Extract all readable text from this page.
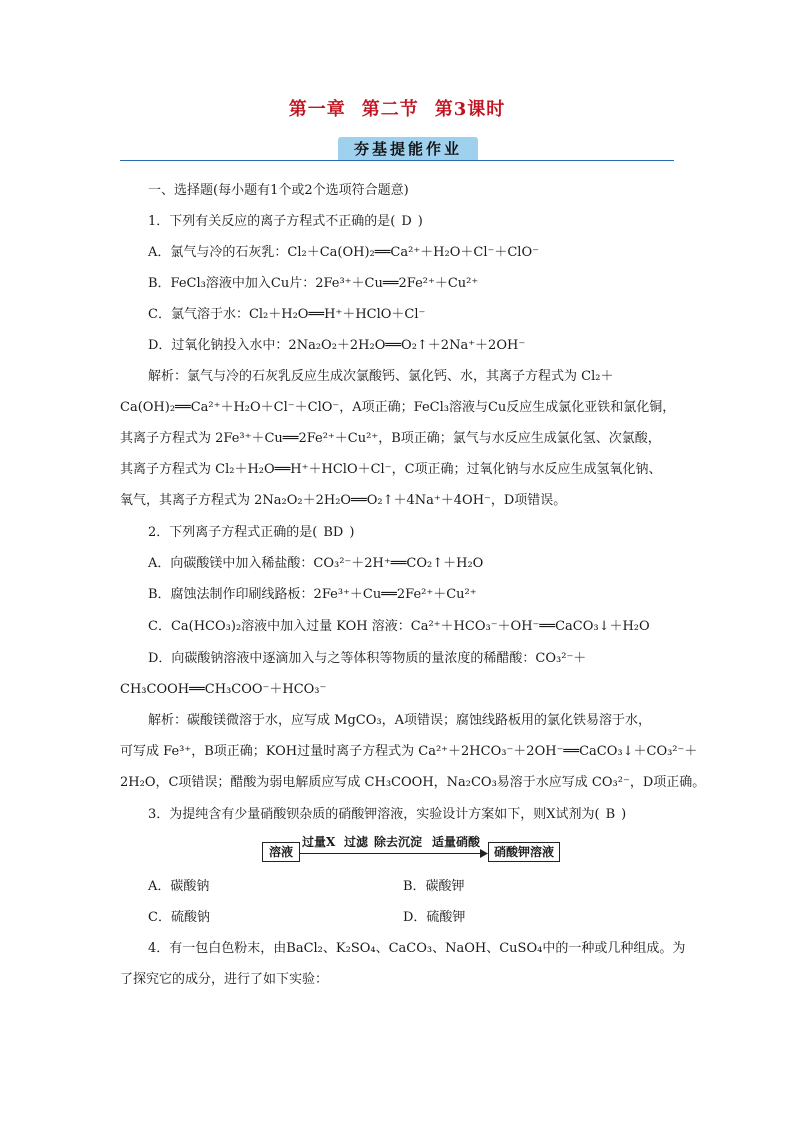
第一章 第二节 第3课时
夯基提能作业
一、选择题(每小题有1个或2个选项符合题意)
1．下列有关反应的离子方程式不正确的是( D )
A．氯气与冷的石灰乳：Cl₂＋Ca(OH)₂══Ca²⁺＋H₂O＋Cl⁻＋ClO⁻
B．FeCl₃溶液中加入Cu片：2Fe³⁺＋Cu══2Fe²⁺＋Cu²⁺
C．氯气溶于水：Cl₂＋H₂O══H⁺＋HClO＋Cl⁻
D．过氧化钠投入水中：2Na₂O₂＋2H₂O══O₂↑＋2Na⁺＋2OH⁻
解析：氯气与冷的石灰乳反应生成次氯酸钙、氯化钙、水，其离子方程式为 Cl₂＋
Ca(OH)₂══Ca²⁺＋H₂O＋Cl⁻＋ClO⁻，A项正确；FeCl₃溶液与Cu反应生成氯化亚铁和氯化铜，
其离子方程式为 2Fe³⁺＋Cu══2Fe²⁺＋Cu²⁺，B项正确；氯气与水反应生成氯化氢、次氯酸，
其离子方程式为 Cl₂＋H₂O══H⁺＋HClO＋Cl⁻，C项正确；过氧化钠与水反应生成氢氧化钠、
氧气，其离子方程式为 2Na₂O₂＋2H₂O══O₂↑＋4Na⁺＋4OH⁻，D项错误。
2．下列离子方程式正确的是( BD )
A．向碳酸镁中加入稀盐酸：CO₃²⁻＋2H⁺══CO₂↑＋H₂O
B．腐蚀法制作印刷线路板：2Fe³⁺＋Cu══2Fe²⁺＋Cu²⁺
C．Ca(HCO₃)₂溶液中加入过量 KOH 溶液：Ca²⁺＋HCO₃⁻＋OH⁻══CaCO₃↓＋H₂O
D．向碳酸钠溶液中逐滴加入与之等体积等物质的量浓度的稀醋酸：CO₃²⁻＋
CH₃COOH══CH₃COO⁻＋HCO₃⁻
解析：碳酸镁微溶于水，应写成 MgCO₃，A项错误；腐蚀线路板用的氯化铁易溶于水，
可写成 Fe³⁺，B项正确；KOH过量时离子方程式为 Ca²⁺＋2HCO₃⁻＋2OH⁻══CaCO₃↓＋CO₃²⁻＋
2H₂O，C项错误；醋酸为弱电解质应写成 CH₃COOH，Na₂CO₃易溶于水应写成 CO₃²⁻，D项正确。
3．为提纯含有少量硝酸钡杂质的硝酸钾溶液，实验设计方案如下，则X试剂为( B )
溶液
过量X 过滤 除去沉淀 适量硝酸
硝酸钾溶液
A．碳酸钠	B．碳酸钾
C．硫酸钠	D．硫酸钾
4．有一包白色粉末，由BaCl₂、K₂SO₄、CaCO₃、NaOH、CuSO₄中的一种或几种组成。为
了探究它的成分，进行了如下实验：
